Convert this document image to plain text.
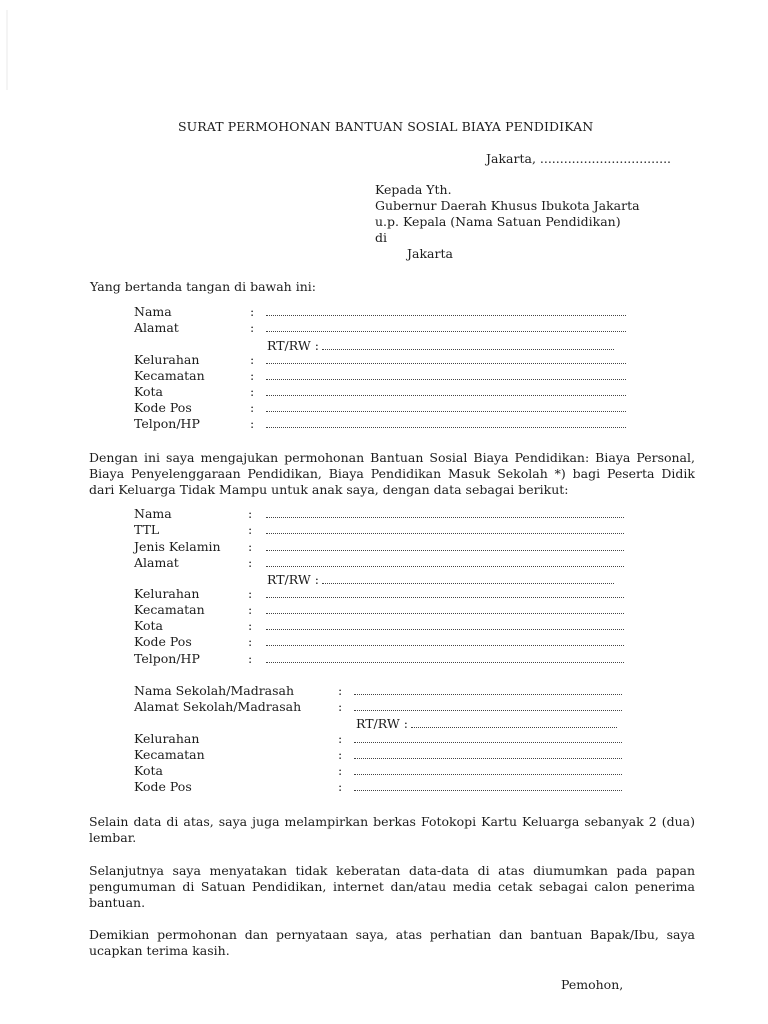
SURAT PERMOHONAN BANTUAN SOSIAL BIAYA PENDIDIKAN
Jakarta, .................................
Kepada Yth.
Gubernur Daerah Khusus Ibukota Jakarta
u.p. Kepala (Nama Satuan Pendidikan)
di
Jakarta
Yang bertanda tangan di bawah ini:
Nama	:
Alamat	:
RT/RW :
Kelurahan	:
Kecamatan	:
Kota	:
Kode Pos	:
Telpon/HP	:
Dengan ini saya mengajukan permohonan Bantuan Sosial Biaya Pendidikan: Biaya Personal, Biaya Penyelenggaraan Pendidikan, Biaya Pendidikan Masuk Sekolah *) bagi Peserta Didik dari Keluarga Tidak Mampu untuk anak saya, dengan data sebagai berikut:
Nama	:
TTL	:
Jenis Kelamin :
Alamat	:
RT/RW :
Kelurahan	:
Kecamatan	:
Kota	:
Kode Pos	:
Telpon/HP	:
Nama Sekolah/Madrasah	:
Alamat Sekolah/Madrasah	:
RT/RW :
Kelurahan	:
Kecamatan	:
Kota	:
Kode Pos	:
Selain data di atas, saya juga melampirkan berkas Fotokopi Kartu Keluarga sebanyak 2 (dua) lembar.
Selanjutnya saya menyatakan tidak keberatan data-data di atas diumumkan pada papan pengumuman di Satuan Pendidikan, internet dan/atau media cetak sebagai calon penerima bantuan.
Demikian permohonan dan pernyataan saya, atas perhatian dan bantuan Bapak/Ibu, saya ucapkan terima kasih.
Pemohon,
